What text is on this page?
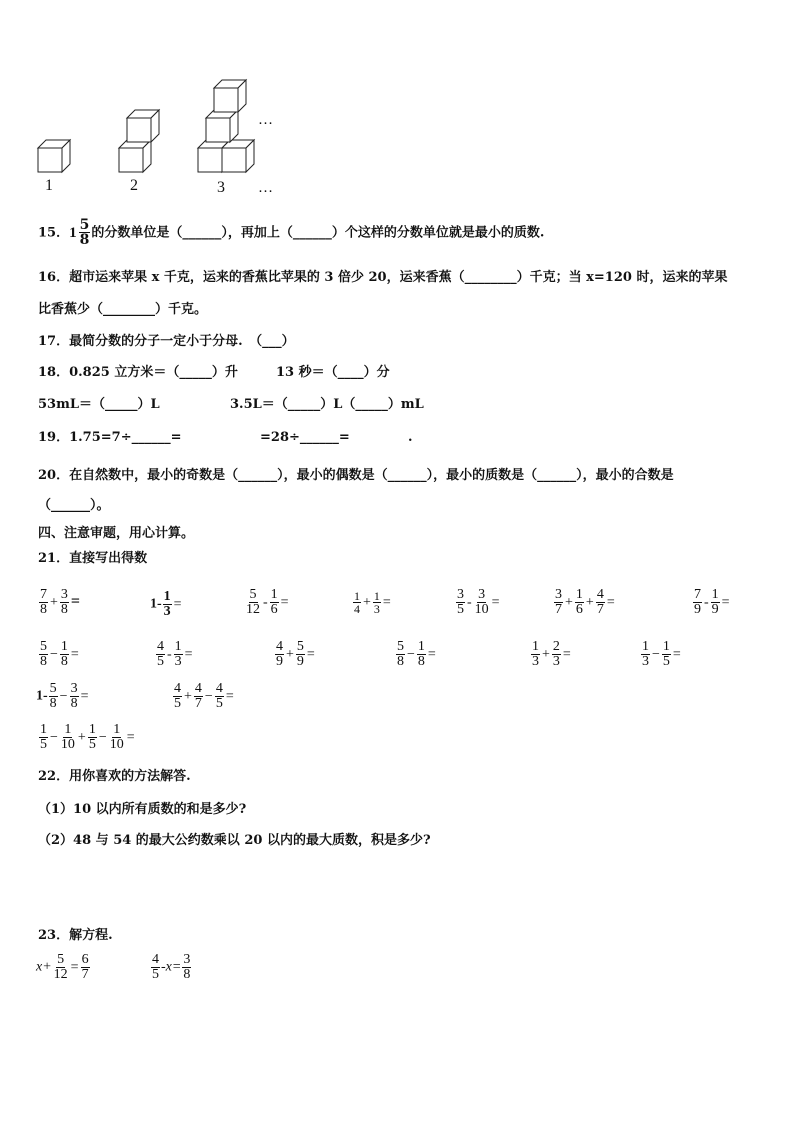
1	2	3
…
…
15． $1 \frac{5}{8}$ 的分数单位是（______），再加上（______）个这样的分数单位就是最小的质数.
16．超市运来苹果 x 千克，运来的香蕉比苹果的 3 倍少 20，运来香蕉（________）千克；当 x=120 时，运来的苹果
比香蕉少（________）千克。
17．最简分数的分子一定小于分母.　（___）
18．0.825 立方米＝（_____）升	13 秒＝（____）分
53mL＝（_____）L	3.5L＝（_____）L（_____）mL
19．1.75=7÷______=	=28÷______=	.
20．在自然数中，最小的奇数是（______），最小的偶数是（______），最小的质数是（______），最小的合数是
（______）。
四、注意审题，用心计算。
21．直接写出得数
$\frac{7}{8} + \frac{3}{8}$ =	$1- \frac{1}{3}$ =	$\frac{5}{12} - \frac{1}{6}$ =	$\frac{1}{4} + \frac{1}{3}$ =	$\frac{3}{5} - \frac{3}{10}$ =	$\frac{3}{7} + \frac{1}{6} + \frac{4}{7}$ =	$\frac{7}{9} - \frac{1}{9}$ =
$\frac{5}{8} - \frac{1}{8}$ =	$\frac{4}{5} - \frac{1}{3}$ =	$\frac{4}{9} + \frac{5}{9}$ =	$\frac{5}{8} - \frac{1}{8}$ =	$\frac{1}{3} + \frac{2}{3}$ =	$\frac{1}{3} - \frac{1}{5}$ =
$1- \frac{5}{8} - \frac{3}{8}$ =	$\frac{4}{5} + \frac{4}{7} - \frac{4}{5}$ =
$\frac{1}{5} - \frac{1}{10} + \frac{1}{5} - \frac{1}{10}$ =
22．用你喜欢的方法解答.
（1）10 以内所有质数的和是多少?
（2）48 与 54 的最大公约数乘以 20 以内的最大质数，积是多少?
23．解方程.
$x+ \frac{5}{12} = \frac{6}{7}$	$\frac{4}{5} -x= \frac{3}{8}$
